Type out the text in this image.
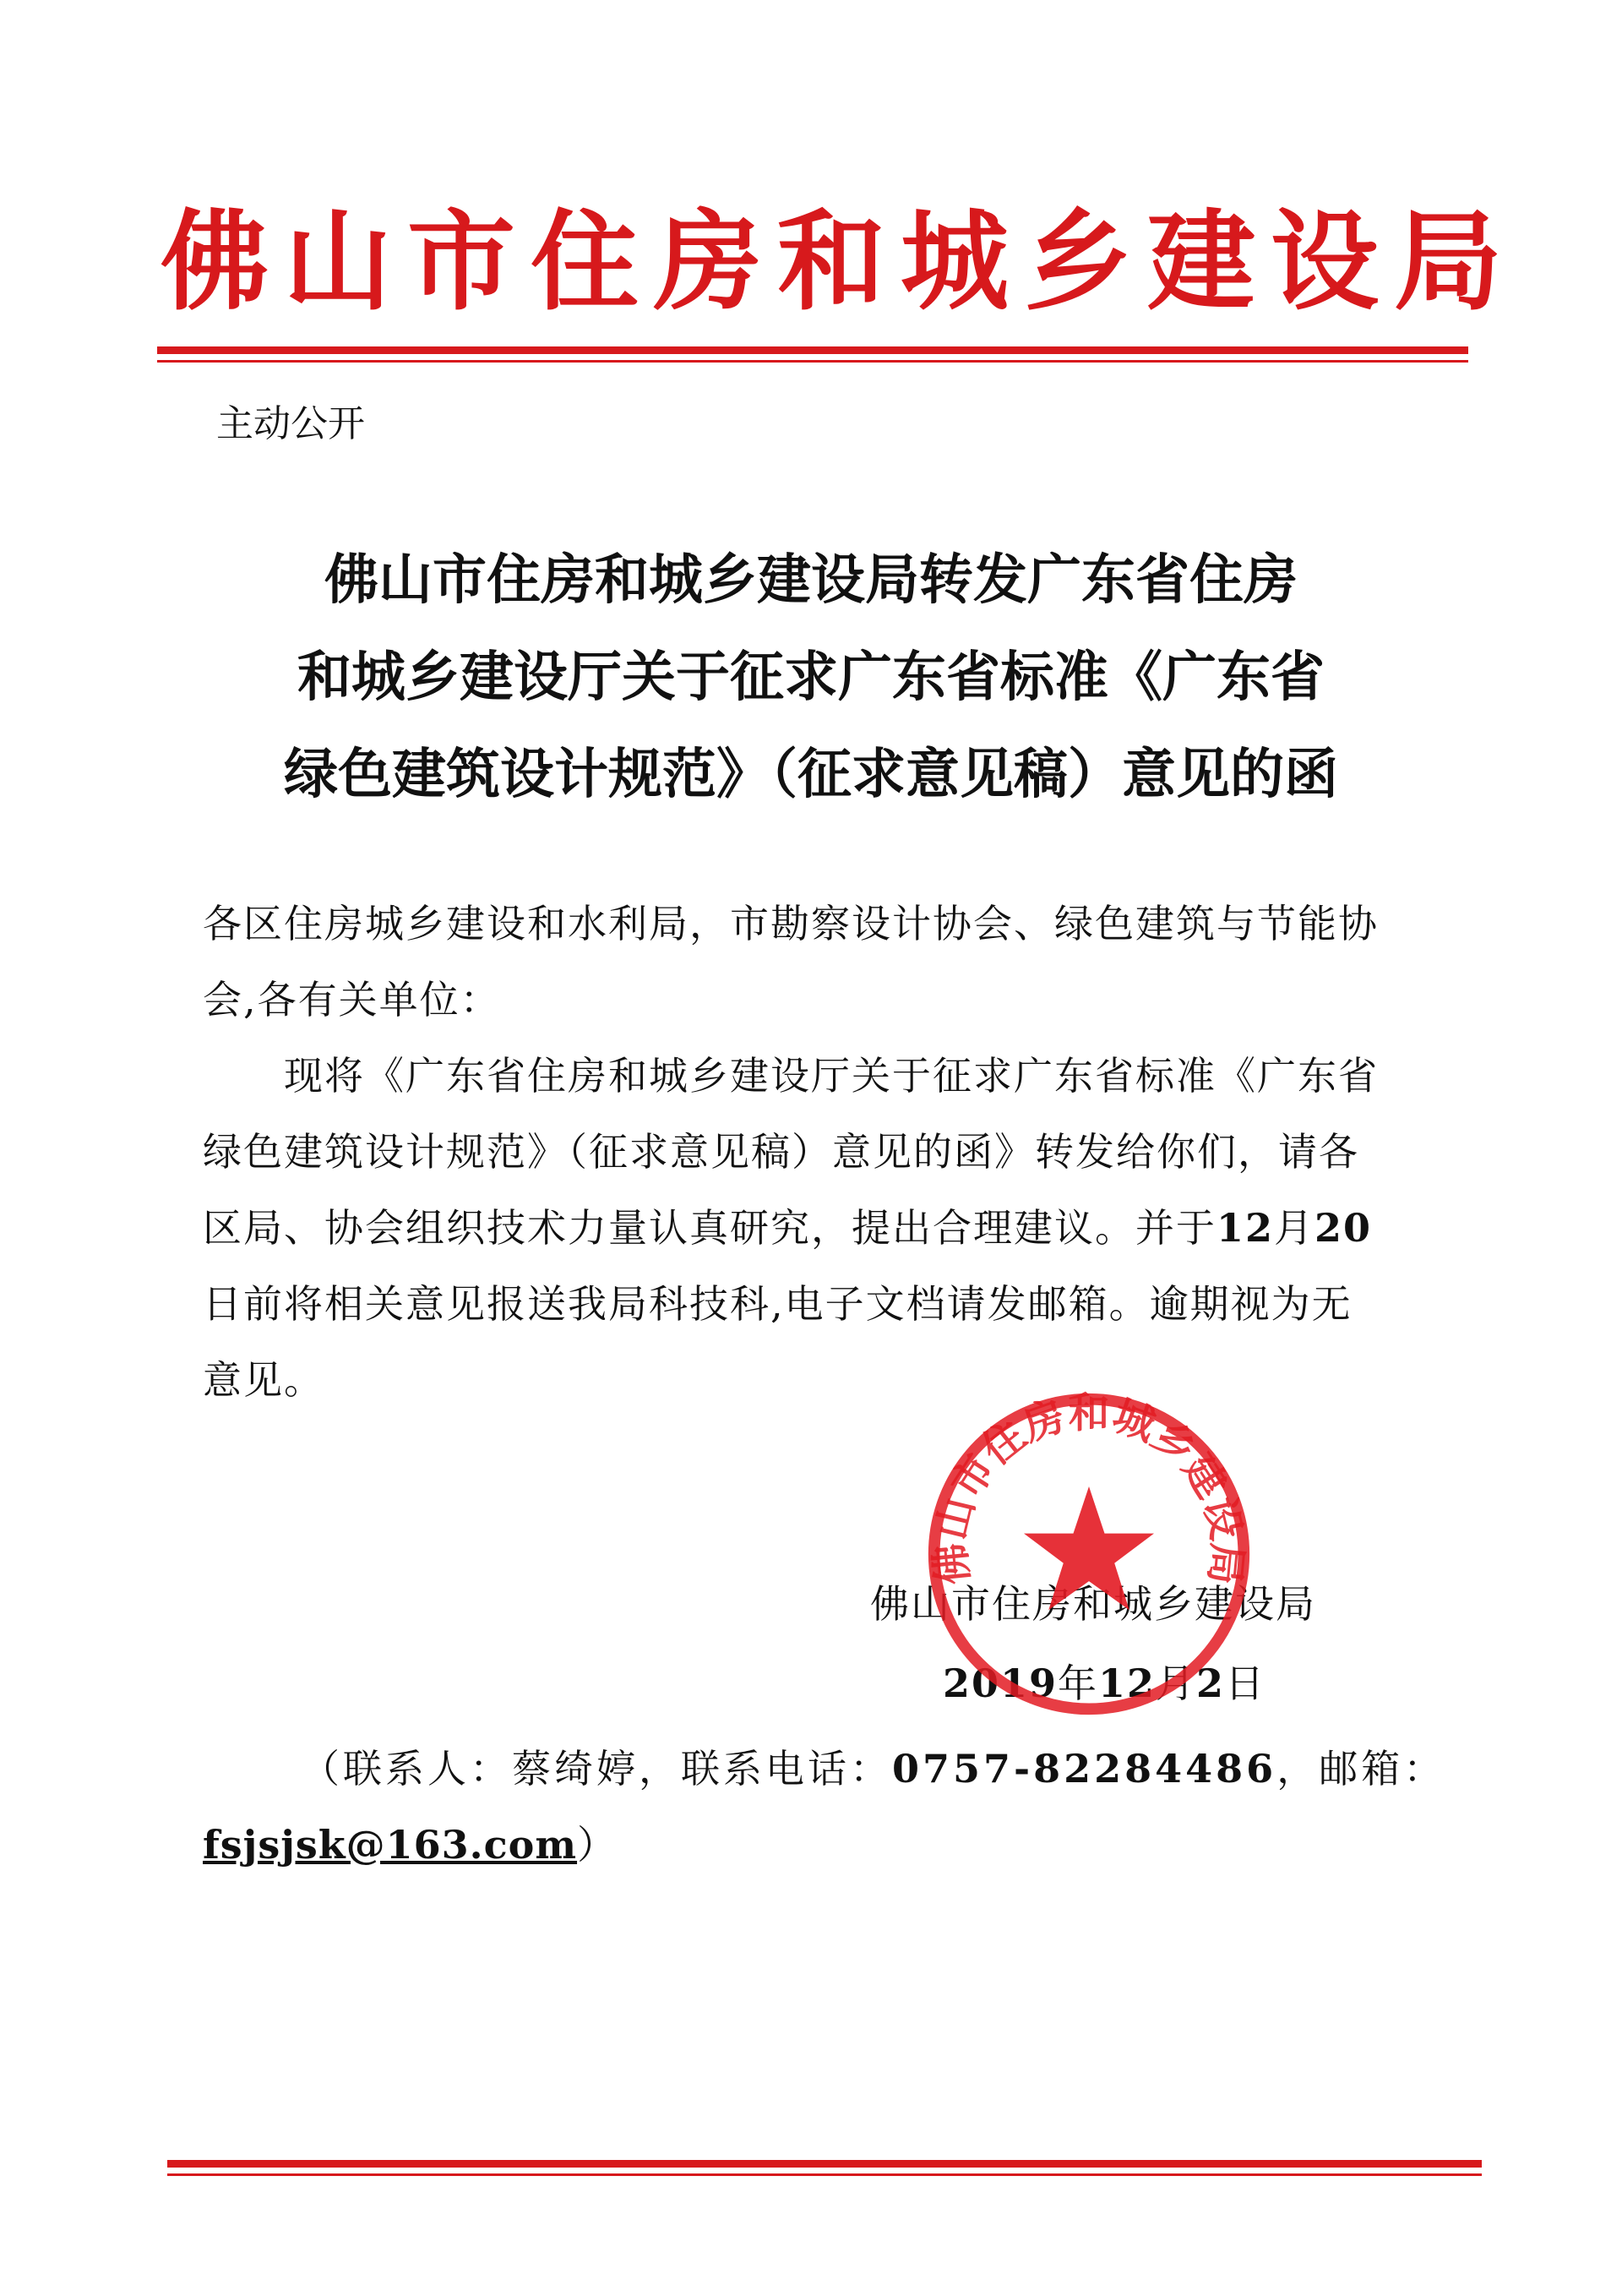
佛山市住房和城乡建设局
主动公开
佛山市住房和城乡建设局转发广东省住房
和城乡建设厅关于征求广东省标准《广东省
绿色建筑设计规范》（征求意见稿）意见的函
各区住房城乡建设和水利局，市勘察设计协会、绿色建筑与节能协
会,各有关单位：
现将《广东省住房和城乡建设厅关于征求广东省标准《广东省
绿色建筑设计规范》（征求意见稿）意见的函》转发给你们，请各
区局、协会组织技术力量认真研究，提出合理建议。并于12月20
日前将相关意见报送我局科技科,电子文档请发邮箱。逾期视为无
意见。
佛山市住房和城乡建设局
2019年12月2日
佛山市住房和城乡建设局
（联系人：蔡绮婷， 联系电话：0757-82284486， 邮箱：
fsjsjsk@163.com）
